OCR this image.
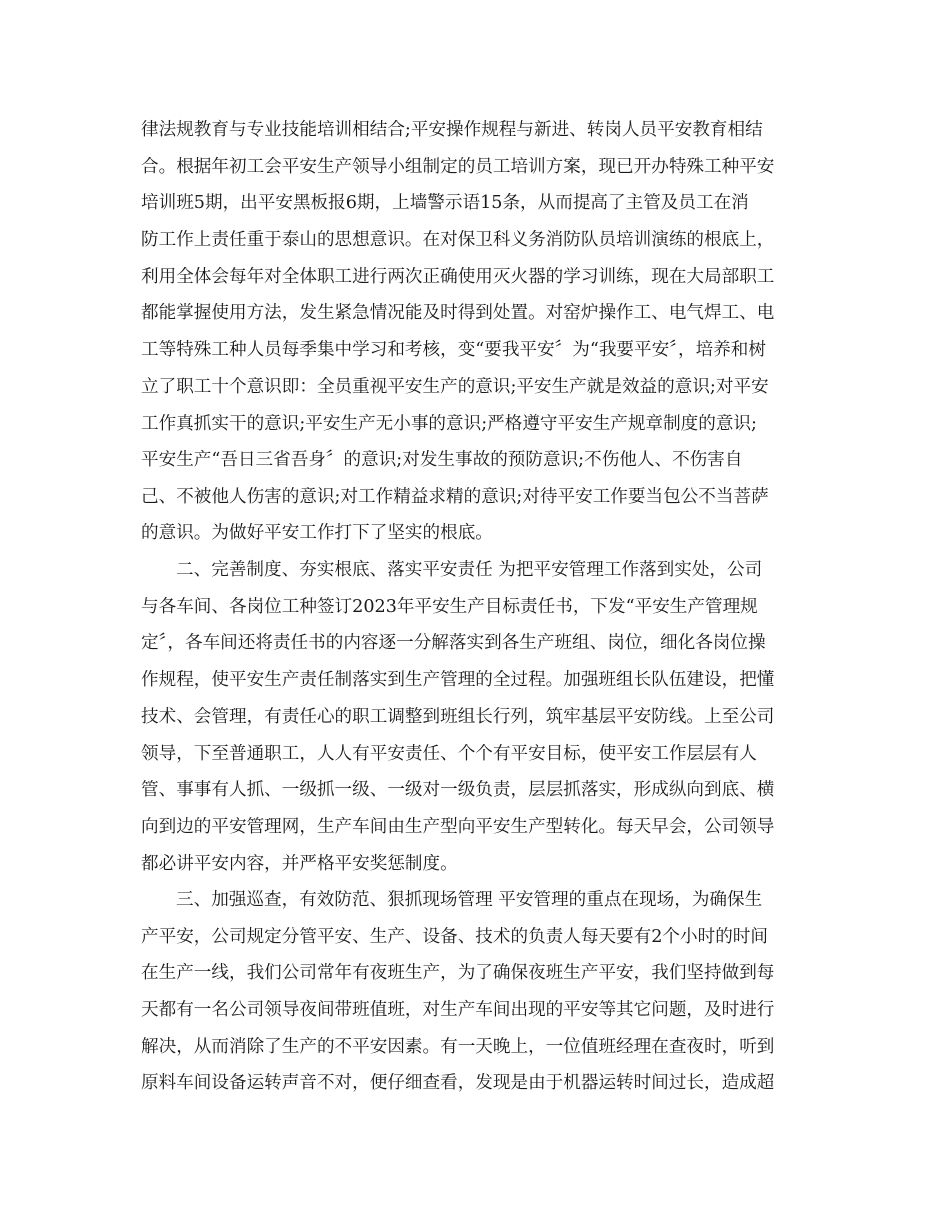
律法规教育与专业技能培训相结合;平安操作规程与新进、转岗人员平安教育相结
合。根据年初工会平安生产领导小组制定的员工培训方案，现已开办特殊工种平安
培训班5期，出平安黑板报6期，上墙警示语15条，从而提高了主管及员工在消
防工作上责任重于泰山的思想意识。在对保卫科义务消防队员培训演练的根底上，
利用全体会每年对全体职工进行两次正确使用灭火器的学习训练，现在大局部职工
都能掌握使用方法，发生紧急情况能及时得到处置。对窑炉操作工、电气焊工、电
工等特殊工种人员每季集中学习和考核，变“要我平安〞为“我要平安〞，培养和树
立了职工十个意识即：全员重视平安生产的意识;平安生产就是效益的意识;对平安
工作真抓实干的意识;平安生产无小事的意识;严格遵守平安生产规章制度的意识;
平安生产“吾日三省吾身〞的意识;对发生事故的预防意识;不伤他人、不伤害自
己、不被他人伤害的意识;对工作精益求精的意识;对待平安工作要当包公不当菩萨
的意识。为做好平安工作打下了坚实的根底。
二、完善制度、夯实根底、落实平安责任 为把平安管理工作落到实处，公司
与各车间、各岗位工种签订2023年平安生产目标责任书，下发“平安生产管理规
定〞，各车间还将责任书的内容逐一分解落实到各生产班组、岗位，细化各岗位操
作规程，使平安生产责任制落实到生产管理的全过程。加强班组长队伍建设，把懂
技术、会管理，有责任心的职工调整到班组长行列，筑牢基层平安防线。上至公司
领导，下至普通职工，人人有平安责任、个个有平安目标，使平安工作层层有人
管、事事有人抓、一级抓一级、一级对一级负责，层层抓落实，形成纵向到底、横
向到边的平安管理网，生产车间由生产型向平安生产型转化。每天早会，公司领导
都必讲平安内容，并严格平安奖惩制度。
三、加强巡查，有效防范、狠抓现场管理 平安管理的重点在现场，为确保生
产平安，公司规定分管平安、生产、设备、技术的负责人每天要有2个小时的时间
在生产一线，我们公司常年有夜班生产，为了确保夜班生产平安，我们坚持做到每
天都有一名公司领导夜间带班值班，对生产车间出现的平安等其它问题，及时进行
解决，从而消除了生产的不平安因素。有一天晚上，一位值班经理在查夜时，听到
原料车间设备运转声音不对，便仔细查看，发现是由于机器运转时间过长，造成超
